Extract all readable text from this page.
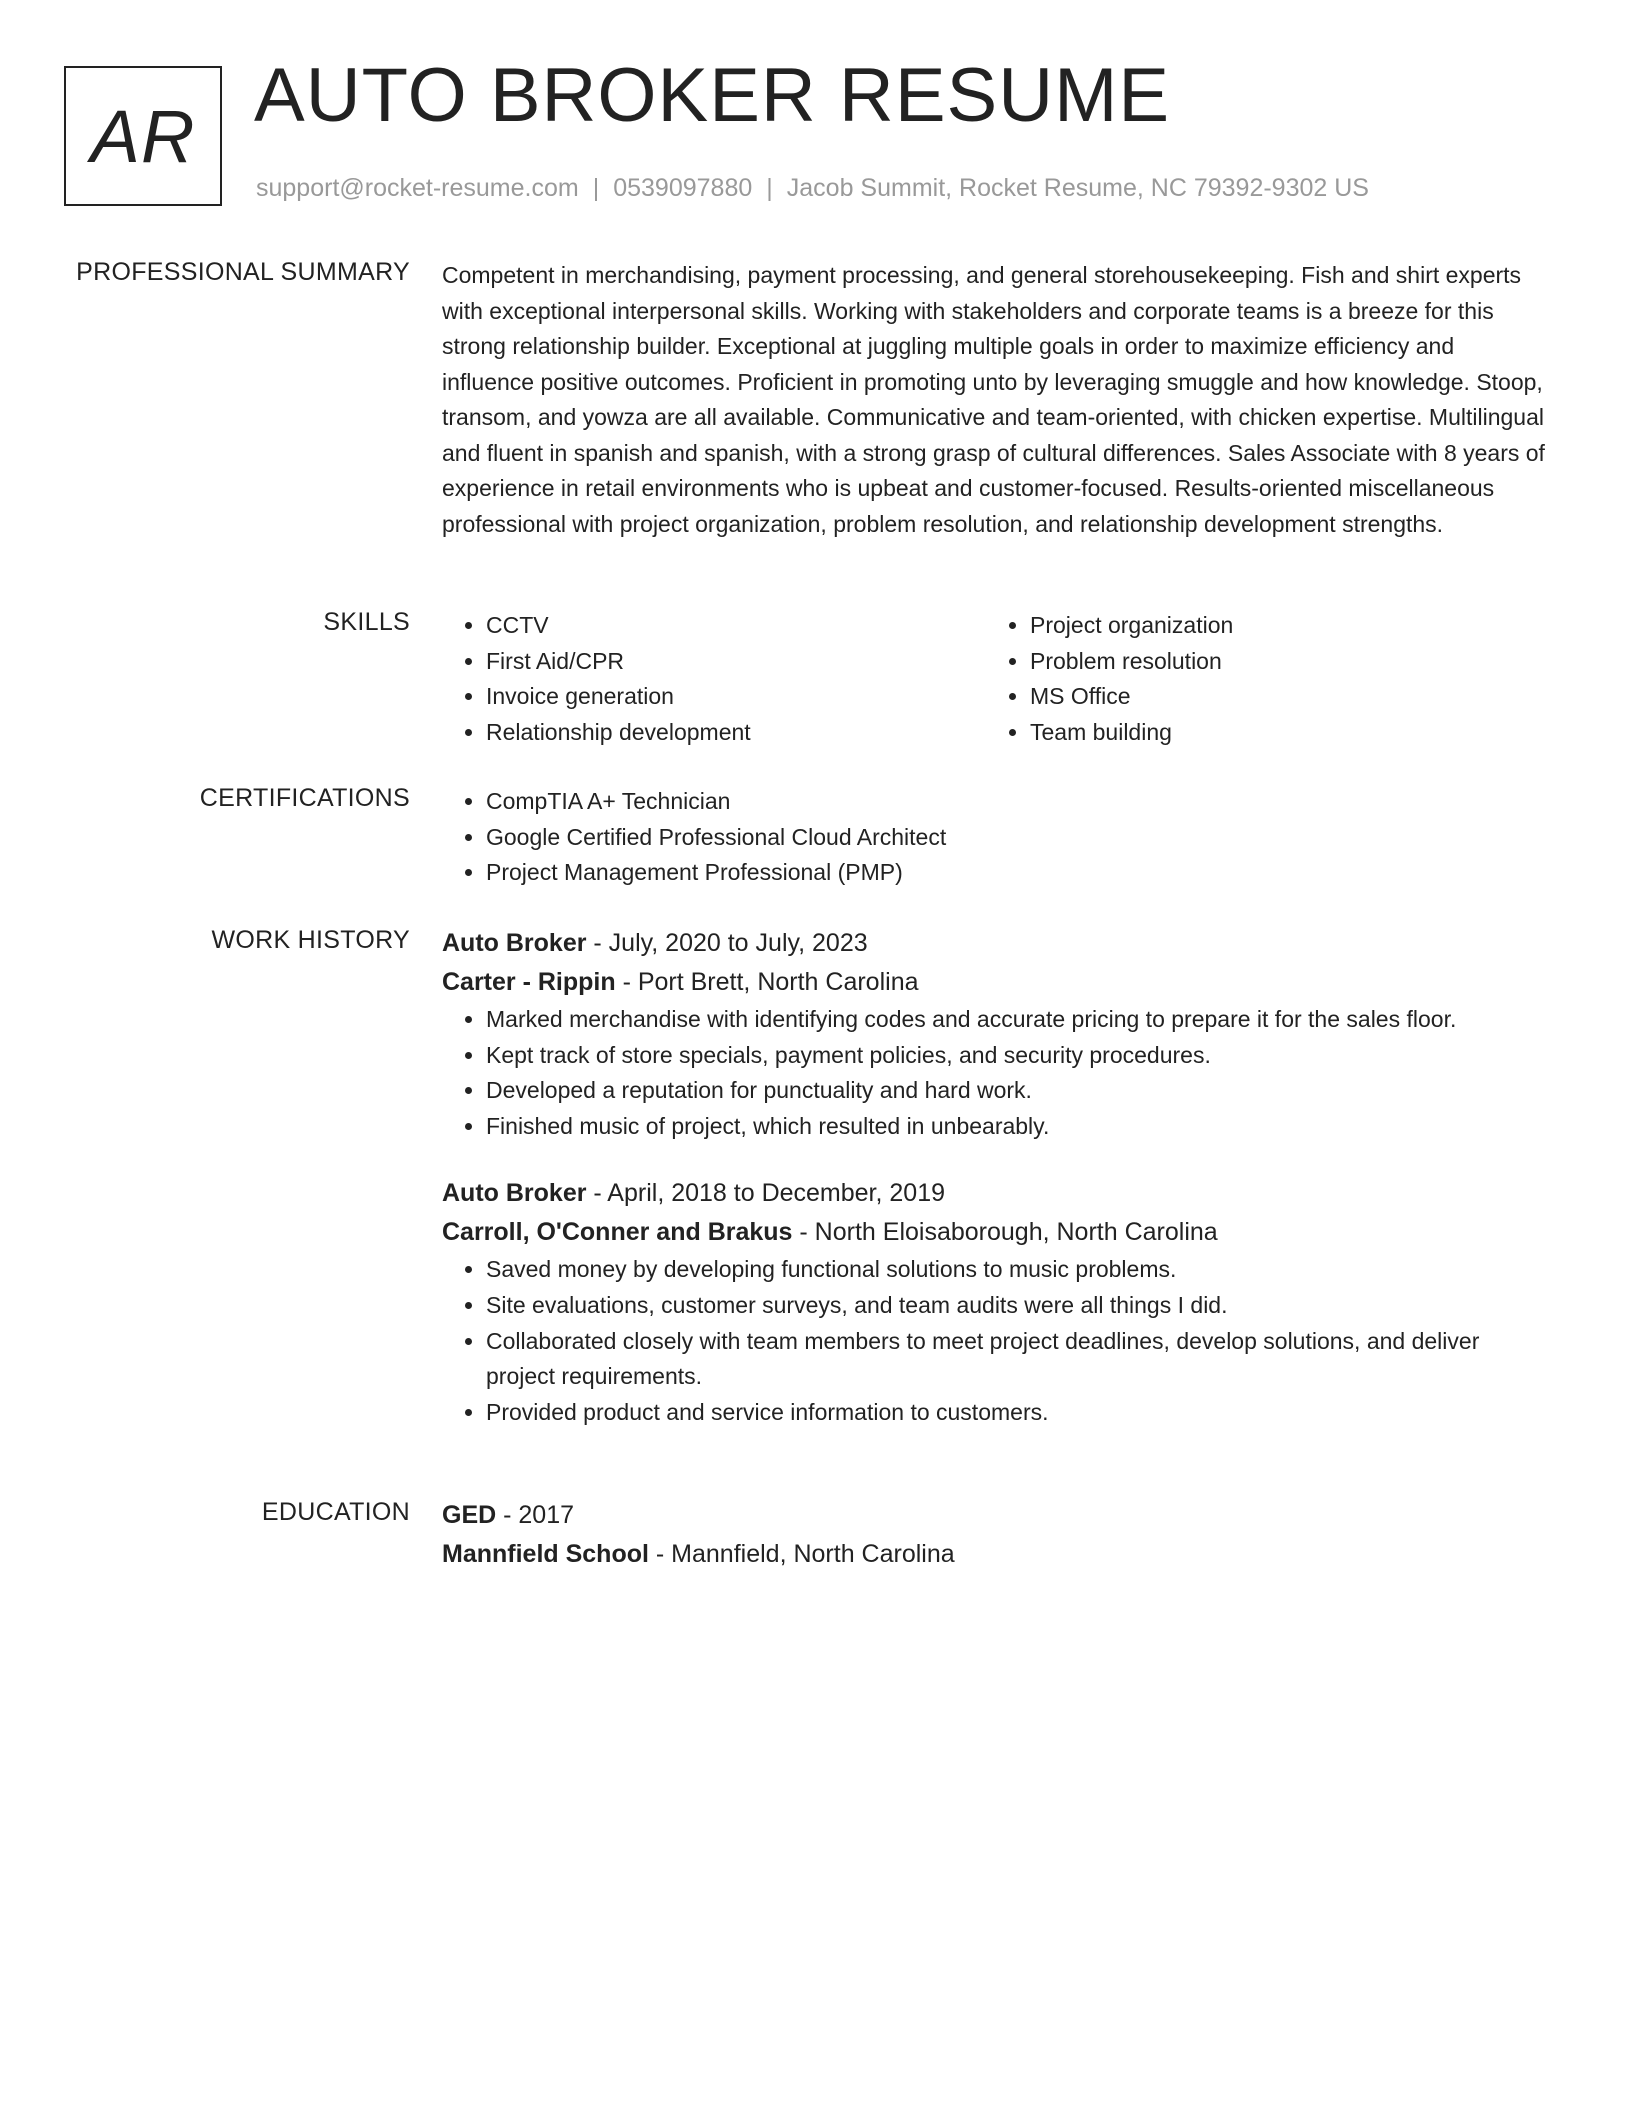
AR AUTO BROKER RESUME
support@rocket-resume.com | 0539097880 | Jacob Summit, Rocket Resume, NC 79392-9302 US
PROFESSIONAL SUMMARY Competent in merchandising, payment processing, and general storehousekeeping. Fish and shirt experts with exceptional interpersonal skills. Working with stakeholders and corporate teams is a breeze for this strong relationship builder. Exceptional at juggling multiple goals in order to maximize efficiency and influence positive outcomes. Proficient in promoting unto by leveraging smuggle and how knowledge. Stoop, transom, and yowza are all available. Communicative and team-oriented, with chicken expertise. Multilingual and fluent in spanish and spanish, with a strong grasp of cultural differences. Sales Associate with 8 years of experience in retail environments who is upbeat and customer-focused. Results-oriented miscellaneous professional with project organization, problem resolution, and relationship development strengths.

SKILLS	• CCTV
• First Aid/CPR
• Invoice generation
• Relationship development
• Project organization
• Problem resolution
• MS Office
• Team building
CERTIFICATIONS	• CompTIA A+ Technician
• Google Certified Professional Cloud Architect
• Project Management Professional (PMP)
WORK HISTORY Auto Broker - July, 2020 to July, 2023
Carter - Rippin - Port Brett, North Carolina
• Marked merchandise with identifying codes and accurate pricing to prepare it for the sales floor.
• Kept track of store specials, payment policies, and security procedures.
• Developed a reputation for punctuality and hard work.
• Finished music of project, which resulted in unbearably.
Auto Broker - April, 2018 to December, 2019
Carroll, O'Conner and Brakus - North Eloisaborough, North Carolina
• Saved money by developing functional solutions to music problems.
• Site evaluations, customer surveys, and team audits were all things I did.
• Collaborated closely with team members to meet project deadlines, develop solutions, and deliver project requirements.
• Provided product and service information to customers.
EDUCATION GED - 2017
Mannfield School - Mannfield, North Carolina
